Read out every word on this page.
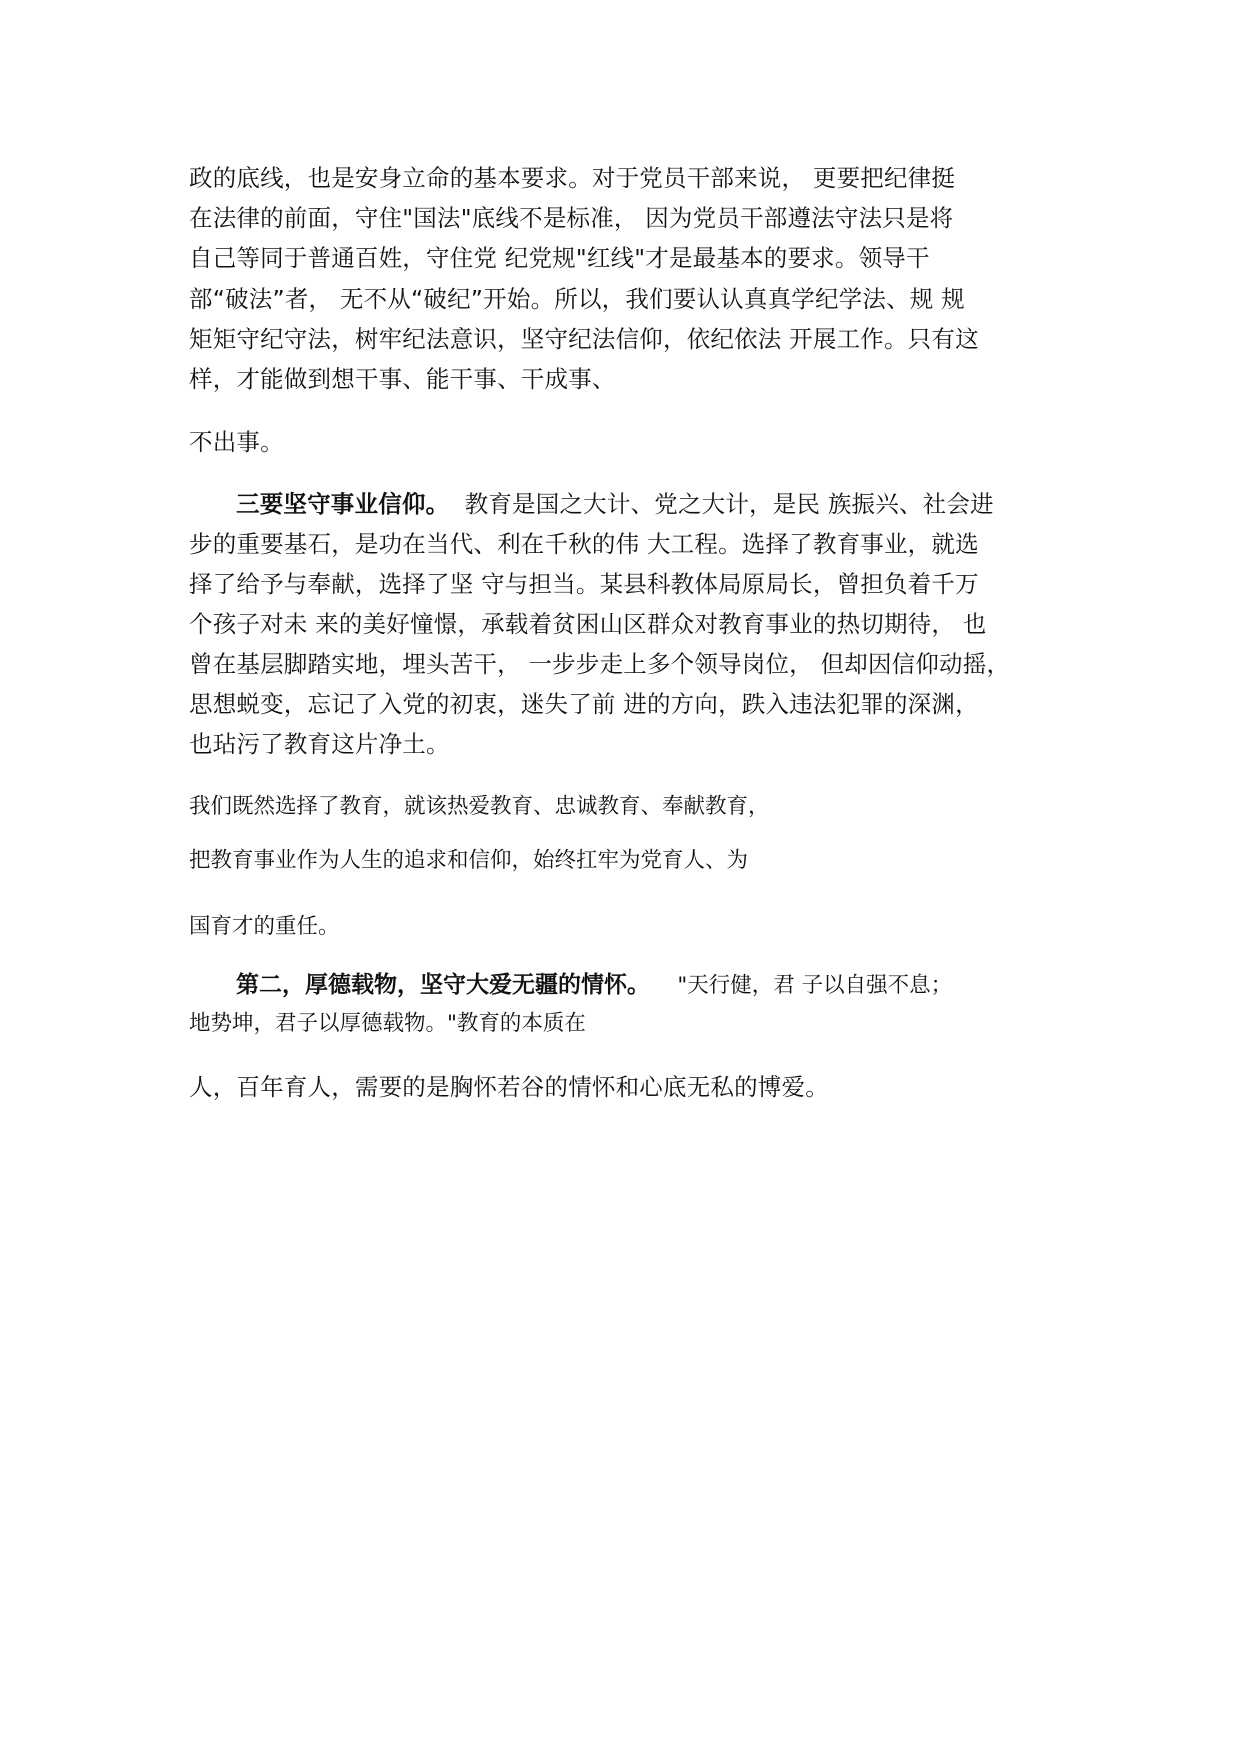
政的底线，也是安身立命的基本要求。对于党员干部来说， 更要把纪律挺
在法律的前面，守住"国法"底线不是标准， 因为党员干部遵法守法只是将
自己等同于普通百姓，守住党 纪党规"红线"才是最基本的要求。领导干
部“破法”者， 无不从“破纪”开始。所以，我们要认认真真学纪学法、规 规
矩矩守纪守法，树牢纪法意识，坚守纪法信仰，依纪依法 开展工作。只有这
样，才能做到想干事、能干事、干成事、
不出事。
三要坚守事业信仰。 教育是国之大计、党之大计，是民 族振兴、社会进
步的重要基石，是功在当代、利在千秋的伟 大工程。选择了教育事业，就选
择了给予与奉献，选择了坚 守与担当。某县科教体局原局长，曾担负着千万
个孩子对未 来的美好憧憬，承载着贫困山区群众对教育事业的热切期待， 也
曾在基层脚踏实地，埋头苦干， 一步步走上多个领导岗位， 但却因信仰动摇，
思想蜕变，忘记了入党的初衷，迷失了前 进的方向，跌入违法犯罪的深渊，
也玷污了教育这片净土。
我们既然选择了教育，就该热爱教育、忠诚教育、奉献教育，
把教育事业作为人生的追求和信仰，始终扛牢为党育人、为
国育才的重任。
第二，厚德载物，坚守大爱无疆的情怀。 "天行健，君 子以自强不息；
地势坤，君子以厚德载物。"教育的本质在
人，百年育人，需要的是胸怀若谷的情怀和心底无私的博爱。
